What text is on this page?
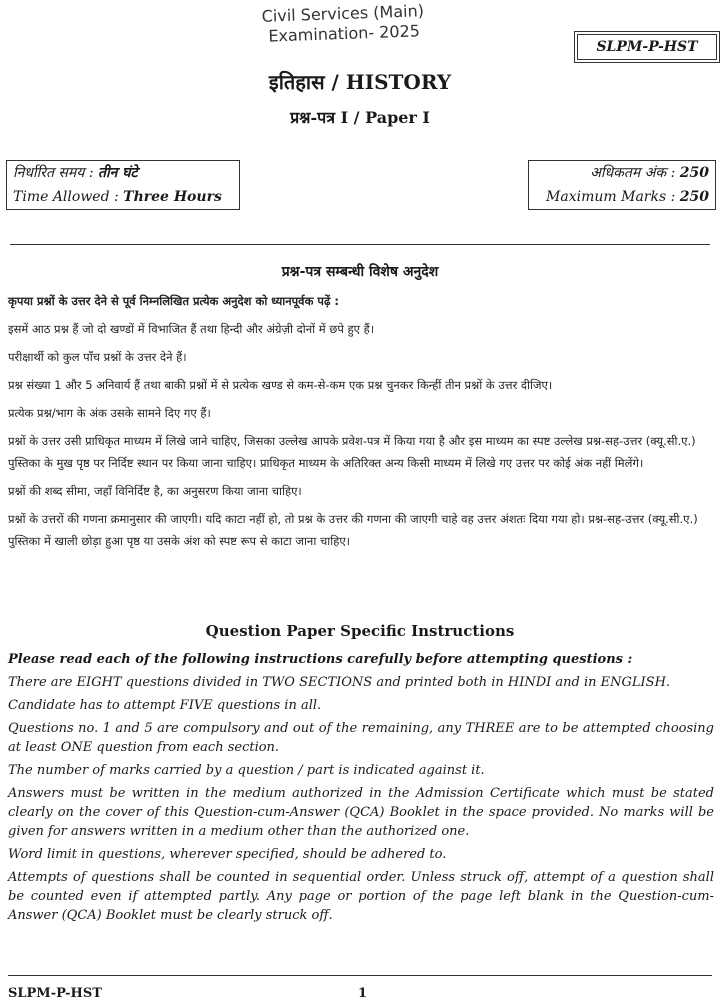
Civil Services (Main)
Examination- 2025
SLPM-P-HST
इतिहास / HISTORY
प्रश्न-पत्र I / Paper I
निर्धारित समय : तीन घंटे
Time Allowed : Three Hours
अधिकतम अंक : 250
Maximum Marks : 250
प्रश्न-पत्र सम्बन्धी विशेष अनुदेश

कृपया प्रश्नों के उत्तर देने से पूर्व निम्नलिखित प्रत्येक अनुदेश को ध्यानपूर्वक पढ़ें :

इसमें आठ प्रश्न हैं जो दो खण्डों में विभाजित हैं तथा हिन्दी और अंग्रेज़ी दोनों में छपे हुए हैं।

परीक्षार्थी को कुल पाँच प्रश्नों के उत्तर देने हैं।

प्रश्न संख्या 1 और 5 अनिवार्य हैं तथा बाकी प्रश्नों में से प्रत्येक खण्ड से कम-से-कम एक प्रश्न चुनकर किन्हीं तीन प्रश्नों के उत्तर दीजिए।

प्रत्येक प्रश्न/भाग के अंक उसके सामने दिए गए हैं।

प्रश्नों के उत्तर उसी प्राधिकृत माध्यम में लिखे जाने चाहिए, जिसका उल्लेख आपके प्रवेश-पत्र में किया गया है और इस माध्यम का स्पष्ट उल्लेख प्रश्न-सह-उत्तर (क्यू.सी.ए.) पुस्तिका के मुख पृष्ठ पर निर्दिष्ट स्थान पर किया जाना चाहिए। प्राधिकृत माध्यम के अतिरिक्त अन्य किसी माध्यम में लिखे गए उत्तर पर कोई अंक नहीं मिलेंगे।

प्रश्नों की शब्द सीमा, जहाँ विनिर्दिष्ट है, का अनुसरण किया जाना चाहिए।

प्रश्नों के उत्तरों की गणना क्रमानुसार की जाएगी। यदि काटा नहीं हो, तो प्रश्न के उत्तर की गणना की जाएगी चाहे वह उत्तर अंशतः दिया गया हो। प्रश्न-सह-उत्तर (क्यू.सी.ए.) पुस्तिका में खाली छोड़ा हुआ पृष्ठ या उसके अंश को स्पष्ट रूप से काटा जाना चाहिए।

Question Paper Specific Instructions

Please read each of the following instructions carefully before attempting questions :

There are EIGHT questions divided in TWO SECTIONS and printed both in HINDI and in ENGLISH.

Candidate has to attempt FIVE questions in all.

Questions no. 1 and 5 are compulsory and out of the remaining, any THREE are to be attempted choosing at least ONE question from each section.

The number of marks carried by a question / part is indicated against it.

Answers must be written in the medium authorized in the Admission Certificate which must be stated clearly on the cover of this Question-cum-Answer (QCA) Booklet in the space provided. No marks will be given for answers written in a medium other than the authorized one.

Word limit in questions, wherever specified, should be adhered to.

Attempts of questions shall be counted in sequential order. Unless struck off, attempt of a question shall be counted even if attempted partly. Any page or portion of the page left blank in the Question-cum-Answer (QCA) Booklet must be clearly struck off.

SLPM-P-HST	1
